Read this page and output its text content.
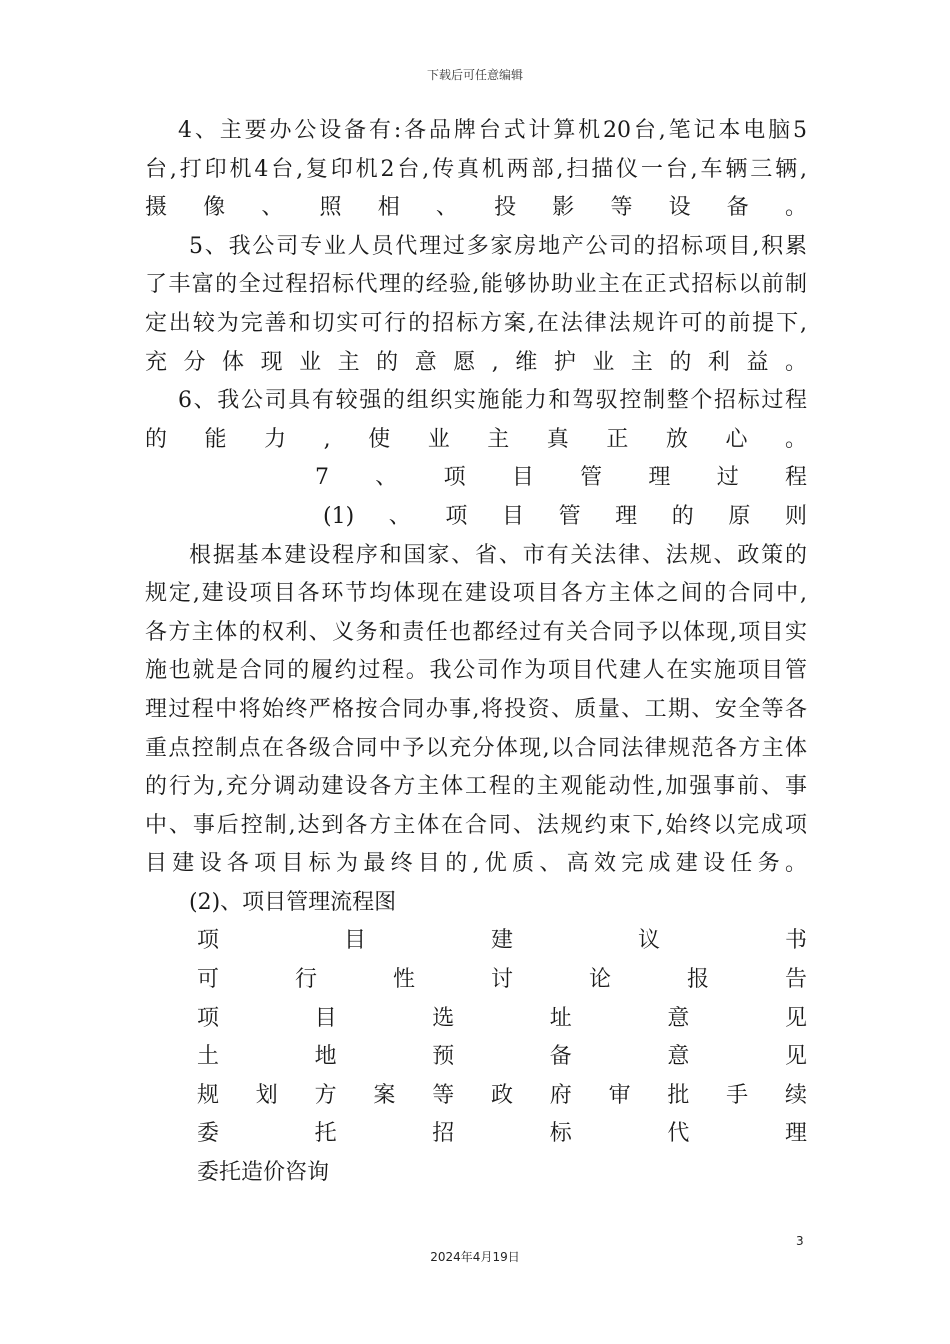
下载后可任意编辑
4、主要办公设备有:各品牌台式计算机20台,笔记本电脑5
台,打印机4台,复印机2台,传真机两部,扫描仪一台,车辆三辆,
摄像、照相、投影等设备。
5、我公司专业人员代理过多家房地产公司的招标项目,积累
了丰富的全过程招标代理的经验,能够协助业主在正式招标以前制
定出较为完善和切实可行的招标方案,在法律法规许可的前提下,
充分体现业主的意愿,维护业主的利益。
6、我公司具有较强的组织实施能力和驾驭控制整个招标过程
的能力,使业主真正放心。
7、项目管理过程
(1)、项目管理的原则
根据基本建设程序和国家、省、市有关法律、法规、政策的
规定,建设项目各环节均体现在建设项目各方主体之间的合同中,
各方主体的权利、义务和责任也都经过有关合同予以体现,项目实
施也就是合同的履约过程。我公司作为项目代建人在实施项目管
理过程中将始终严格按合同办事,将投资、质量、工期、安全等各
重点控制点在各级合同中予以充分体现,以合同法律规范各方主体
的行为,充分调动建设各方主体工程的主观能动性,加强事前、事
中、事后控制,达到各方主体在合同、法规约束下,始终以完成项
目建设各项目标为最终目的,优质、高效完成建设任务。
(2)、项目管理流程图
项目建议书
可行性讨论报告
项目选址意见
土地预备意见
规划方案等政府审批手续
委托招标代理
委托造价咨询
3
2024年4月19日
